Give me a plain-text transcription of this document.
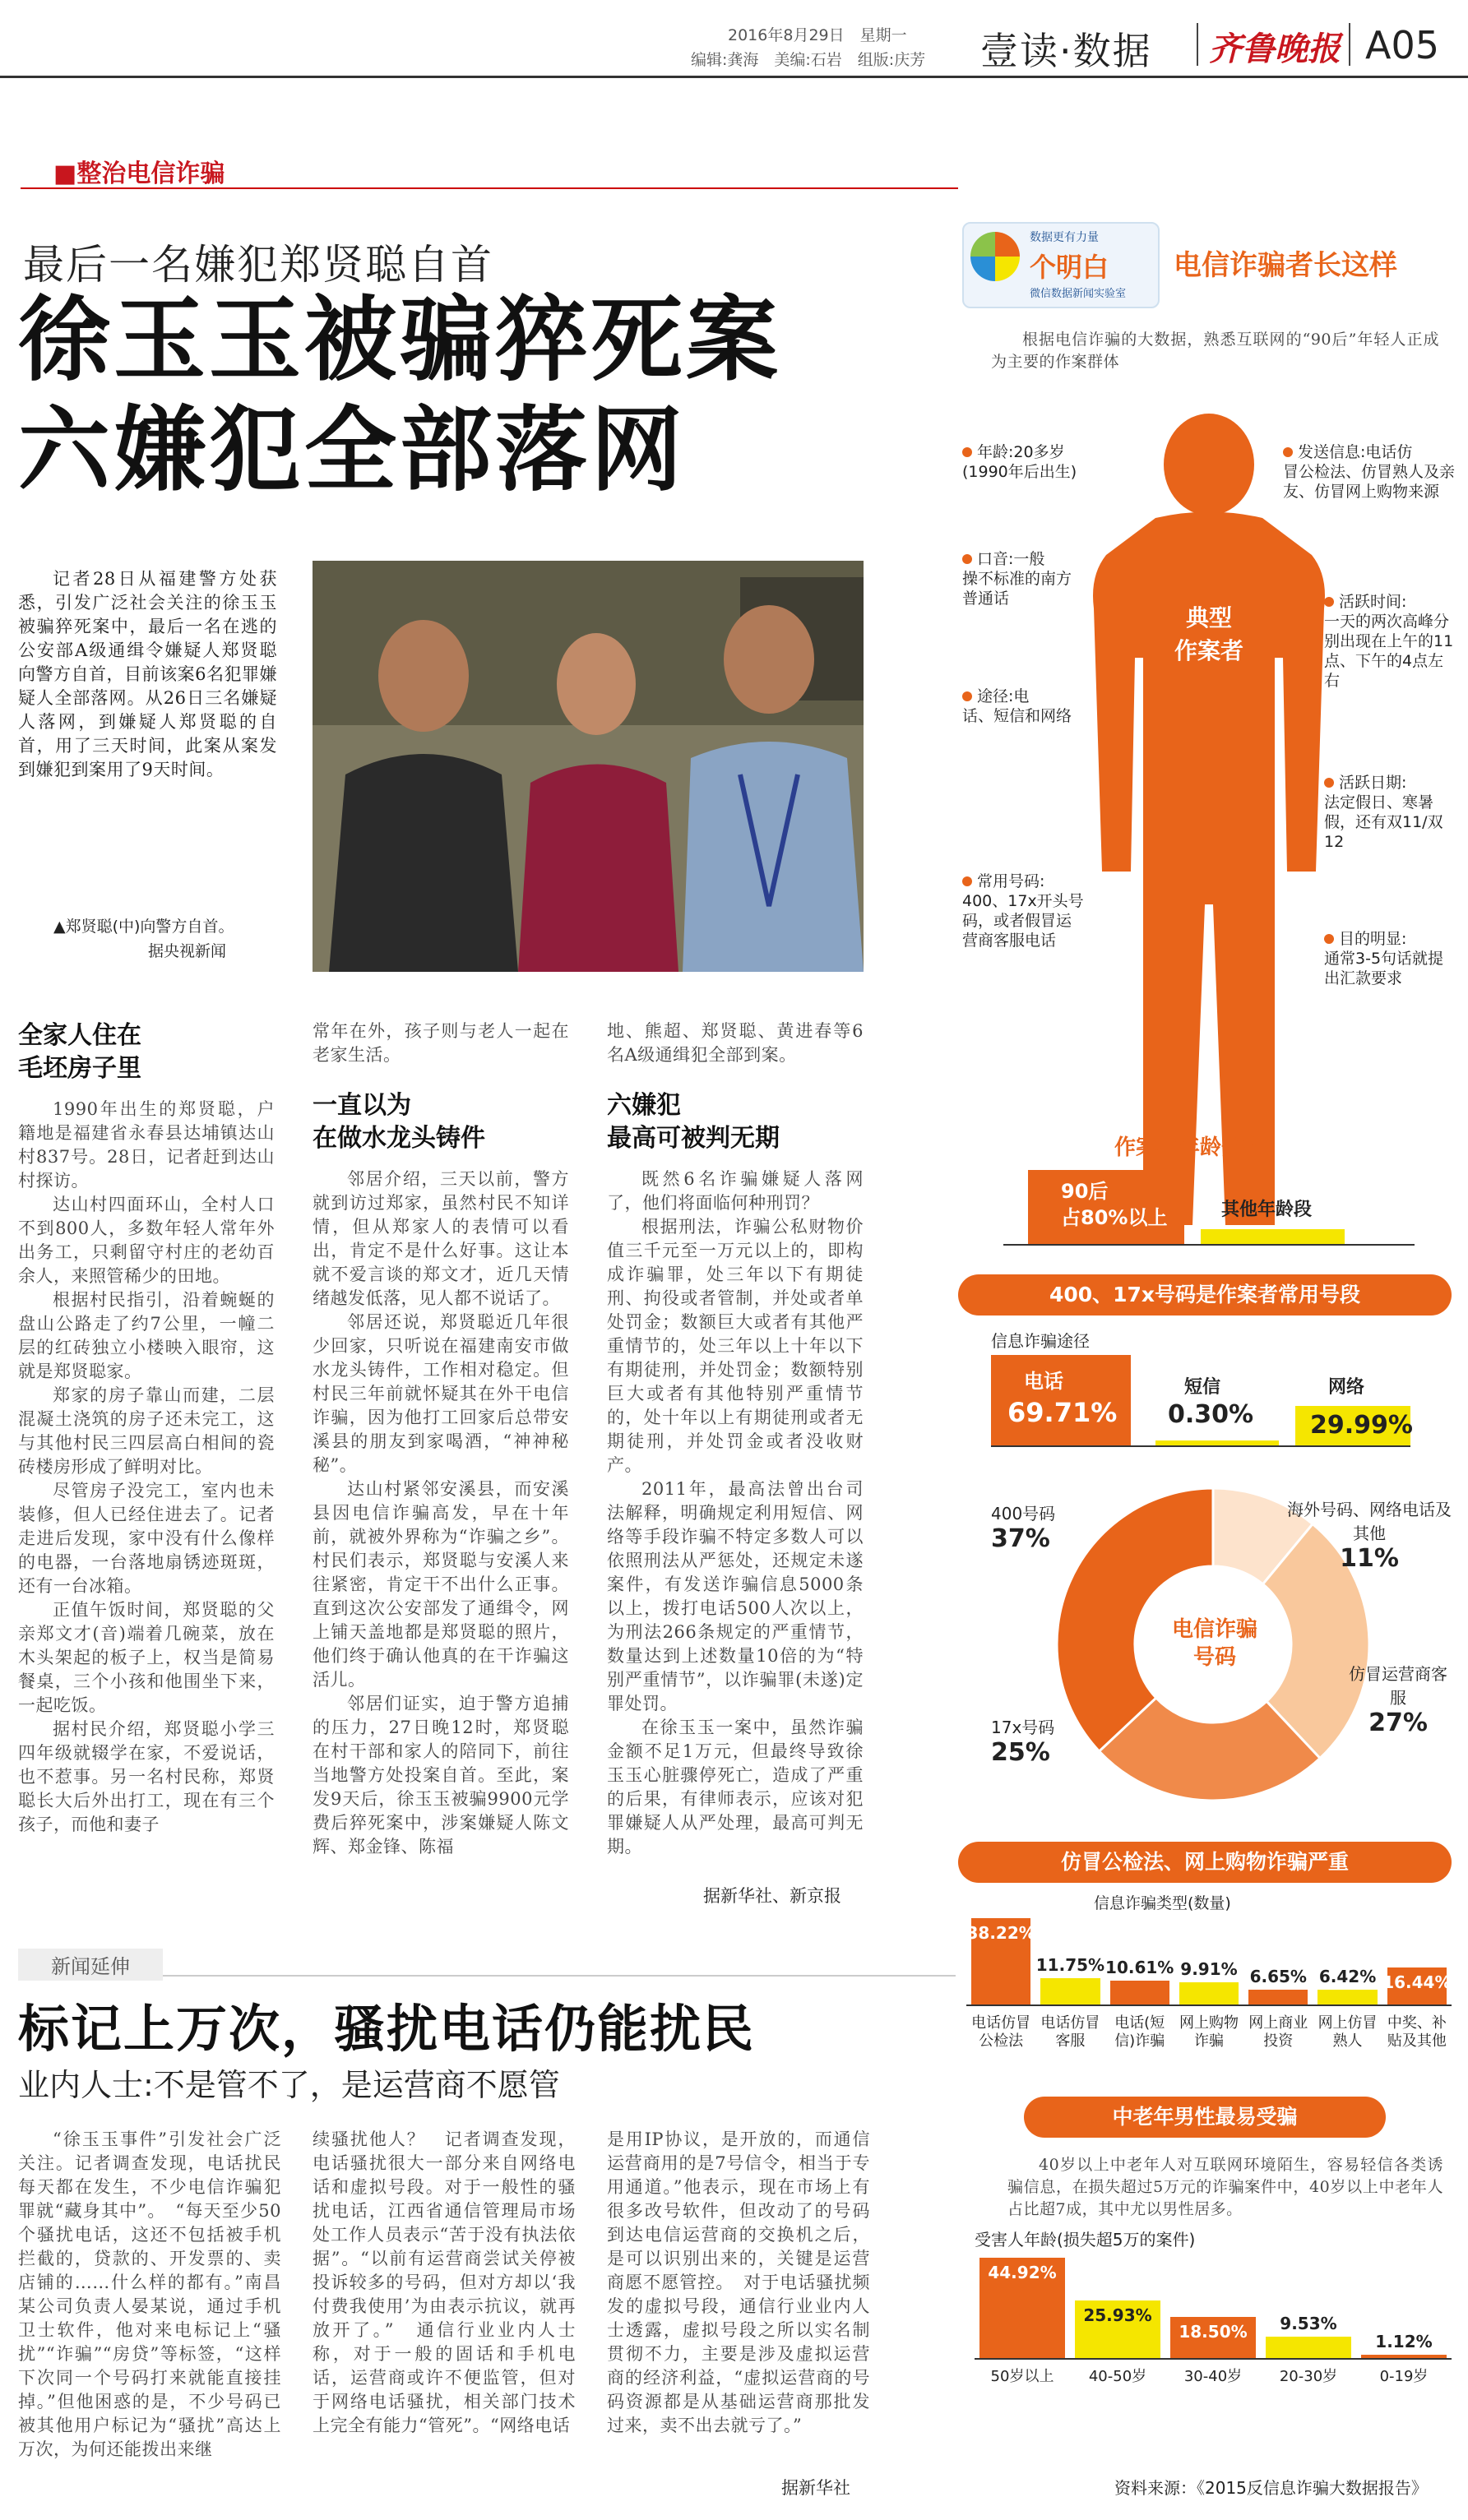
2016年8月29日　星期一
编辑:龚海　美编:石岩　组版:庆芳 壹读·数据 齐鲁晚报 A05
■整治电信诈骗
最后一名嫌犯郑贤聪自首
徐玉玉被骗猝死案
六嫌犯全部落网
记者28日从福建警方处获悉，引发广泛社会关注的徐玉玉被骗猝死案中，最后一名在逃的公安部A级通缉令嫌疑人郑贤聪向警方自首，目前该案6名犯罪嫌疑人全部落网。从26日三名嫌疑人落网，到嫌疑人郑贤聪的自首，用了三天时间，此案从案发到嫌犯到案用了9天时间。
▲郑贤聪(中)向警方自首。
据央视新闻
全家人住在
毛坯房子里

1990年出生的郑贤聪，户籍地是福建省永春县达埔镇达山村837号。28日，记者赶到达山村探访。

达山村四面环山，全村人口不到800人，多数年轻人常年外出务工，只剩留守村庄的老幼百余人，来照管稀少的田地。

根据村民指引，沿着蜿蜒的盘山公路走了约7公里，一幢二层的红砖独立小楼映入眼帘，这就是郑贤聪家。

郑家的房子靠山而建，二层混凝土浇筑的房子还未完工，这与其他村民三四层高白相间的瓷砖楼房形成了鲜明对比。

尽管房子没完工，室内也未装修，但人已经住进去了。记者走进后发现，家中没有什么像样的电器，一台落地扇锈迹斑斑，还有一台冰箱。

正值午饭时间，郑贤聪的父亲郑文才(音)端着几碗菜，放在木头架起的板子上，权当是简易餐桌，三个小孩和他围坐下来，一起吃饭。

据村民介绍，郑贤聪小学三四年级就辍学在家，不爱说话，也不惹事。另一名村民称，郑贤聪长大后外出打工，现在有三个孩子，而他和妻子

常年在外，孩子则与老人一起在老家生活。
一直以为
在做水龙头铸件

邻居介绍，三天以前，警方就到访过郑家，虽然村民不知详情，但从郑家人的表情可以看出，肯定不是什么好事。这让本就不爱言谈的郑文才，近几天情绪越发低落，见人都不说话了。

邻居还说，郑贤聪近几年很少回家，只听说在福建南安市做水龙头铸件，工作相对稳定。但村民三年前就怀疑其在外干电信诈骗，因为他打工回家后总带安溪县的朋友到家喝酒，“神神秘秘”。

达山村紧邻安溪县，而安溪县因电信诈骗高发，早在十年前，就被外界称为“诈骗之乡”。村民们表示，郑贤聪与安溪人来往紧密，肯定干不出什么正事。直到这次公安部发了通缉令，网上铺天盖地都是郑贤聪的照片，他们终于确认他真的在干诈骗这活儿。

邻居们证实，迫于警方追捕的压力，27日晚12时，郑贤聪在村干部和家人的陪同下，前往当地警方处投案自首。至此，案发9天后，徐玉玉被骗9900元学费后猝死案中，涉案嫌疑人陈文辉、郑金锋、陈福

地、熊超、郑贤聪、黄进春等6名A级通缉犯全部到案。
六嫌犯
最高可被判无期

既然6名诈骗嫌疑人落网了，他们将面临何种刑罚？

根据刑法，诈骗公私财物价值三千元至一万元以上的，即构成诈骗罪，处三年以下有期徒刑、拘役或者管制，并处或者单处罚金；数额巨大或者有其他严重情节的，处三年以上十年以下有期徒刑，并处罚金；数额特别巨大或者有其他特别严重情节的，处十年以上有期徒刑或者无期徒刑，并处罚金或者没收财产。

2011年，最高法曾出台司法解释，明确规定利用短信、网络等手段诈骗不特定多数人可以依照刑法从严惩处，还规定未遂案件，有发送诈骗信息5000条以上，拨打电话500人次以上，为刑法266条规定的严重情节，数量达到上述数量10倍的为“特别严重情节”，以诈骗罪(未遂)定罪处罚。

在徐玉玉一案中，虽然诈骗金额不足1万元，但最终导致徐玉玉心脏骤停死亡，造成了严重的后果，有律师表示，应该对犯罪嫌疑人从严处理，最高可判无期。

据新华社、新京报
新闻延伸
标记上万次，骚扰电话仍能扰民
业内人士:不是管不了，是运营商不愿管
“徐玉玉事件”引发社会广泛关注。记者调查发现，电话扰民每天都在发生，不少电信诈骗犯罪就“藏身其中”。　“每天至少50个骚扰电话，这还不包括被手机拦截的，贷款的、开发票的、卖店铺的……什么样的都有。”南昌某公司负责人晏某说，通过手机卫士软件，他对来电标记上“骚扰”“诈骗”“房贷”等标签，“这样下次同一个号码打来就能直接挂掉。”但他困惑的是，不少号码已被其他用户标记为“骚扰”高达上万次，为何还能拨出来继
续骚扰他人？　记者调查发现，电话骚扰很大一部分来自网络电话和虚拟号段。对于一般性的骚扰电话，江西省通信管理局市场处工作人员表示“苦于没有执法依据”。“以前有运营商尝试关停被投诉较多的号码，但对方却以‘我付费我使用’为由表示抗议，就再放开了。”　通信行业业内人士称，对于一般的固话和手机电话，运营商或许不便监管，但对于网络电话骚扰，相关部门技术上完全有能力“管死”。“网络电话
是用IP协议，是开放的，而通信运营商用的是7号信令，相当于专用通道。”他表示，现在市场上有很多改号软件，但改动了的号码到达电信运营商的交换机之后，是可以识别出来的，关键是运营商愿不愿管控。　对于电话骚扰频发的虚拟号段，通信行业业内人士透露，虚拟号段之所以实名制贯彻不力，主要是涉及虚拟运营商的经济利益，“虚拟运营商的号码资源都是从基础运营商那批发过来，卖不出去就亏了。”
据新华社
数据更有力量
个明白
微信数据新闻实验室
电信诈骗者长这样
根据电信诈骗的大数据，熟悉互联网的“90后”年轻人正成为主要的作案群体
典型
作案者
年龄:20多岁
(1990年后出生)
口音:一般
操不标准的南方普通话
途径:电
话、短信和网络
常用号码:
400、17x开头号码，或者假冒运营商客服电话
发送信息:电话仿
冒公检法、仿冒熟人及亲友、仿冒网上购物来源
活跃时间:
一天的两次高峰分别出现在上午的11点、下午的4点左右
活跃日期:
法定假日、寒暑假，还有双11/双12
目的明显:
通常3-5句话就提出汇款要求
作案者年龄分布
90后
占80%以上	其他年龄段
400、17x号码是作案者常用号段
信息诈骗途径
电话
69.71%
短信
0.30%
网络
29.99%
电信诈骗
号码
400号码
37%
海外号码、网络电话及其他
11%
仿冒运营商客服
27%
17x号码
25%
仿冒公检法、网上购物诈骗严重
信息诈骗类型(数量)
38.22%
11.75% 10.61% 9.91% 6.65% 6.42% 16.44%
电话仿冒公检法
电话仿冒客服
电话(短信)诈骗
网上购物诈骗
网上商业投资
网上仿冒熟人
中奖、补贴及其他
中老年男性最易受骗
40岁以上中老年人对互联网环境陌生，容易轻信各类诱骗信息，在损失超过5万元的诈骗案件中，40岁以上中老年人占比超7成，其中尤以男性居多。
受害人年龄(损失超5万的案件)
44.92%
25.93%
18.50%	9.53%
1.12%
50岁以上	40-50岁	30-40岁	20-30岁	0-19岁
资料来源：《2015反信息诈骗大数据报告》
